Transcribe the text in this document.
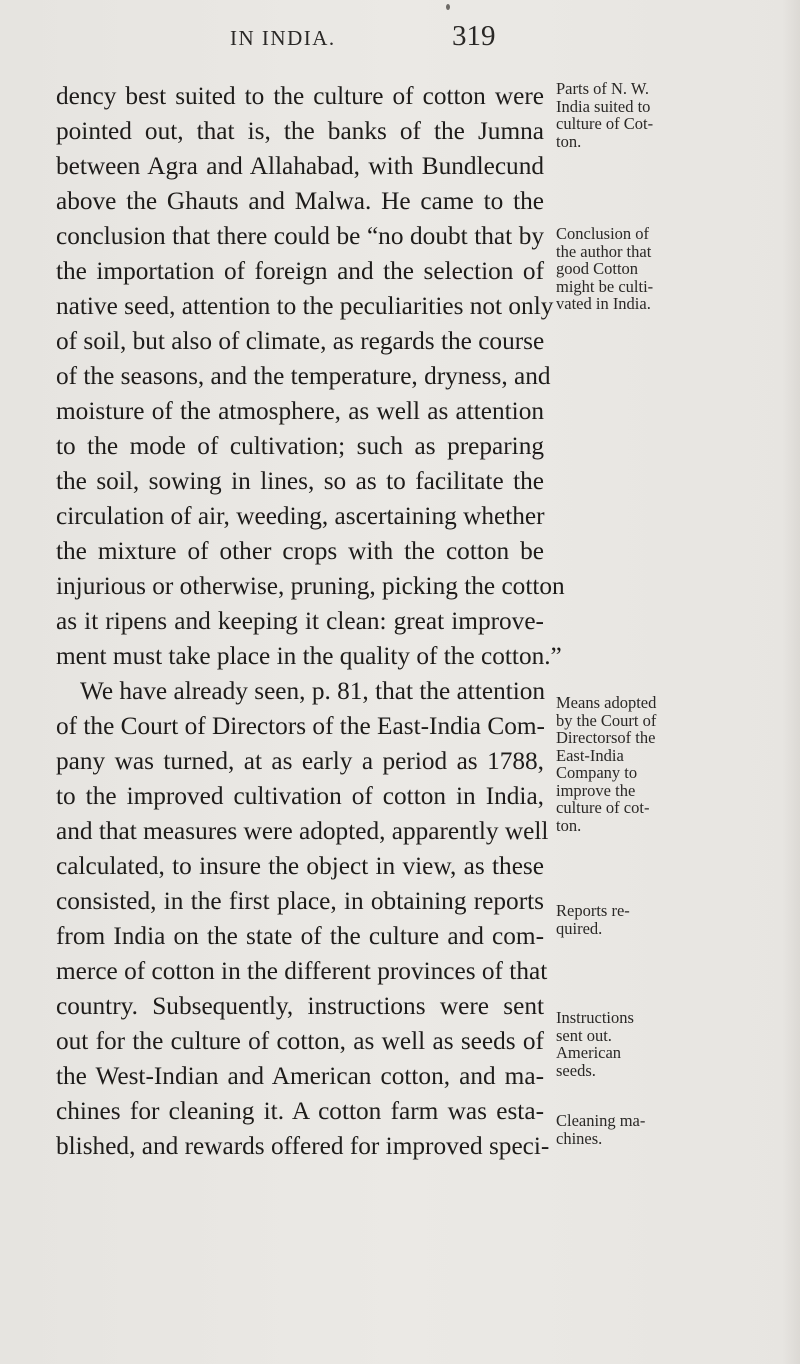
IN INDIA.	319
dency best suited to the culture of cotton were
pointed out, that is, the banks of the Jumna
between Agra and Allahabad, with Bundlecund
above the Ghauts and Malwa. He came to the
conclusion that there could be “no doubt that by
the importation of foreign and the selection of
native seed, attention to the peculiarities not only
of soil, but also of climate, as regards the course
of the seasons, and the temperature, dryness, and
moisture of the atmosphere, as well as attention
to the mode of cultivation; such as preparing
the soil, sowing in lines, so as to facilitate the
circulation of air, weeding, ascertaining whether
the mixture of other crops with the cotton be
injurious or otherwise, pruning, picking the cotton
as it ripens and keeping it clean: great improve-
ment must take place in the quality of the cotton.”
We have already seen, p. 81, that the attention
of the Court of Directors of the East-India Com-
pany was turned, at as early a period as 1788,
to the improved cultivation of cotton in India,
and that measures were adopted, apparently well
calculated, to insure the object in view, as these
consisted, in the first place, in obtaining reports
from India on the state of the culture and com-
merce of cotton in the different provinces of that
country. Subsequently, instructions were sent
out for the culture of cotton, as well as seeds of
the West-Indian and American cotton, and ma-
chines for cleaning it. A cotton farm was esta-
blished, and rewards offered for improved speci-
Parts of N. W.
India suited to
culture of Cot-
ton.
Conclusion of
the author that
good Cotton
might be culti-
vated in India.
Means adopted
by the Court of
Directorsof the
East-India
Company to
improve the
culture of cot-
ton.
Reports re-
quired.
Instructions
sent out.
American
seeds.
Cleaning ma-
chines.
